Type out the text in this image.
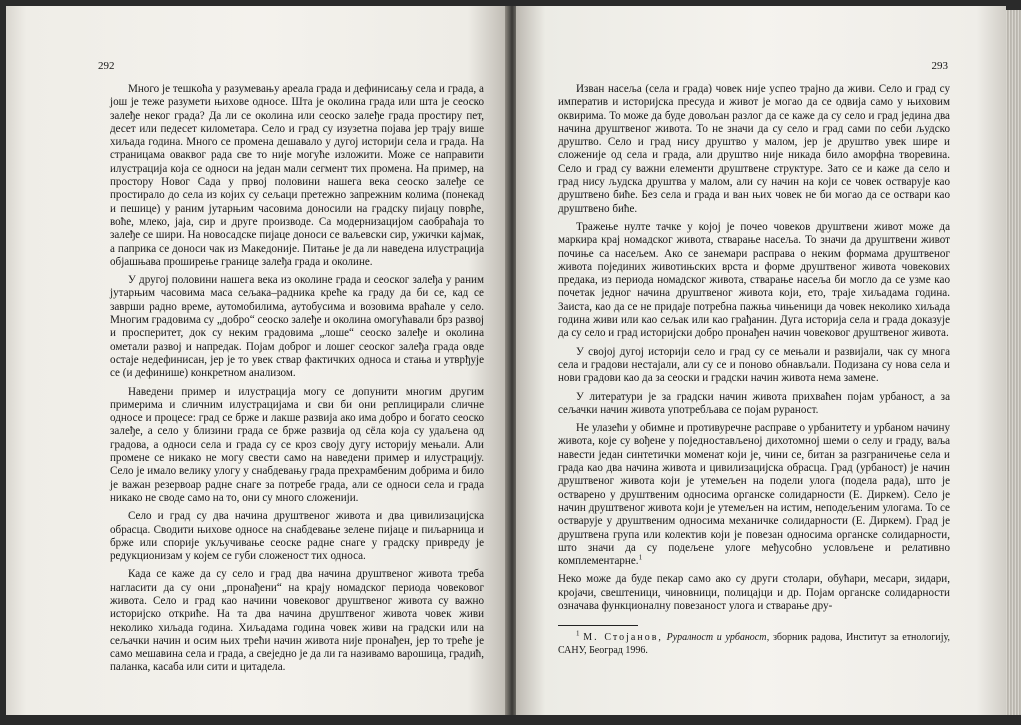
292

Много је тешкoћа у разумевању ареала града и дефинисању села и града, а још је теже разумети њихове односе. Шта је околина града или шта је сеоско залеђе неког града? Да ли се околина или сеоско залеђе града простиру пет, десет или педесет километара. Село и град су изузетна појава јер трају више хиљада година. Много се промена дешавало у дугој историји села и града. На страницама оваквог рада све то није могуће изложити. Може се направити илустрација која се односи на један мали сегмент тих промена. На пример, на простору Новог Сада у првој половини нашега века сеоско залеђе се простирало до села из којих су сељаци претежно запрежним колима (понекад и пешице) у раним јутарњим часовима доносили на градску пијацу поврће, воће, млеко, јаја, сир и друге производе. Са модернизацијом саобраћаја то залеђе се шири. На новосадске пијаце доноси се ваљевски сир, ужички кајмак, а паприка се доноси чак из Македоније. Питање је да ли наведена илустрација објашњава проширење границе залеђа града и околине.

У другој половини нашега века из околине града и сеоског залеђа у раним јутарњим часовима маса сељака–радника креће ка граду да би се, кад се заврши радно време, аутомобилима, аутобусима и возовима враћале у село. Многим градовима су „добро“ сеоско залеђе и околина омогућавали брз развој и просперитет, док су неким градовима „лоше“ сеоско залеђе и околина ометали развој и напредак. Појам доброг и лошег сеоског залеђа града овде остаје недефинисан, јер је то увек ствар фактичких односа и стања и утврђује се (и дефинише) конкретном анализом.

Наведени пример и илустрација могу се допунити многим другим примерима и сличним илустрацијама и сви би они реплицирали сличне односе и процесе: град се брже и лакше развија ако има добро и богато сеоско залеђе, а село у близини града се брже развија од сёла која су удаљена од градова, а односи села и града су се кроз своју дугу историју мењали. Али промене се никако не могу свести само на наведени пример и илустрацију. Село је имало велику улогу у снабдевању града прехрамбеним добрима и било је важан резервоар радне снаге за потребе града, али се односи села и града никако не своде само на то, они су много сложенији.

Село и град су два начина друштвеног живота и два цивилизацијска обрасца. Сводити њихове односе на снабдевање зелене пијаце и пиљарница и брже или спорије укључивање сеоске радне снаге у градску привреду је редукционизам у којем се губи сложеност тих односа.

Када се каже да су село и град два начина друштвеног живота треба нагласити да су они „пронађени“ на крају номадског периода човековог живота. Село и град као начини човековог друштвеног живота су важно историјско откриће. На та два начина друштвеног живота човек живи неколико хиљада година. Хиљадама година човек живи на градски или на сељачки начин и осим њих трећи начин живота није пронађен, јер то треће је само мешавина села и града, а свеједно је да ли га називамо варошица, градић, паланка, касаба или сити и цитадела.

293

Изван насеља (села и града) човек није успео трајно да живи. Село и град су императив и историјска пресуда и живот је могао да се одвија само у њиховим оквирима. То може да буде довољан разлог да се каже да су село и град једина два начина друштвеног живота. То не значи да су село и град сами по себи људско друштво. Село и град нису друштво у малом, јер је друштво увек шире и сложеније од села и града, али друштво није никада било аморфна творевина. Село и град су важни елементи друштвене структуре. Зато се и каже да село и град нису људска друштва у малом, али су начин на који се човек остварује као друштвено биће. Без села и града и ван њих човек не би могао да се оствари као друштвено биће.

Тражење нулте тачке у којој је почео човеков друштвени живот може да маркира крај номадског живота, стварање насеља. То значи да друштвени живот почиње са насељем. Ако се занемари расправа о неким формама друштвеног живота појединих животињских врста и форме друштвеног живота човекових предака, из периода номадског живота, стварање насеља би могло да се узме као почетак једног начина друштвеног живота који, ето, траје хиљадама година. Заиста, као да се не придаје потребна пажња чињеници да човек неколико хиљада година живи или као сељак или као грађанин. Дуга историја села и града доказује да су село и град историјски добро пронађен начин човековог друштвеног живота.

У својој дугој историји село и град су се мењали и развијали, чак су многа села и градови нестајали, али су се и поново обнављали. Подизана су нова села и нови градови као да за сеоски и градски начин живота нема замене.

У литератури је за градски начин живота прихваћен појам урбаност, а за сељачки начин живота употребљава се појам рураност.

Не улазећи у обимне и противуречне расправе о урбанитету и урбаном начину живота, које су вођене у поједностављеној дихотомној шеми о селу и граду, ваља навести један синтетички моменат који је, чини се, битан за разграничење села и града као два начина живота и цивилизацијска обрасца. Град (урбаност) је начин друштвеног живота који је утемељен на подели улога (подела рада), што је остварено у друштвеним односима органске солидарности (Е. Диркем). Село је начин друштвеног живота који је утемељен на истим, неподељеним улогама. То се остварује у друштвеним односима механичке солидарности (Е. Диркем). Град је друштвена група или колектив који је повезан односима органске солидарности, што значи да су подељене улоге међусобно условљене и релативно комплементарне.$^1$

Неко може да буде пекар само ако су други столари, обућари, месари, зидари, кројачи, свештеници, чиновници, полицајци и др. Појам органске солидарности означава функционалну повезаност улога и стварање дру-

$^1$ М. Стојанов, Руралност и урбаност, зборник радова, Институт за етнологију, САНУ, Београд 1996.
